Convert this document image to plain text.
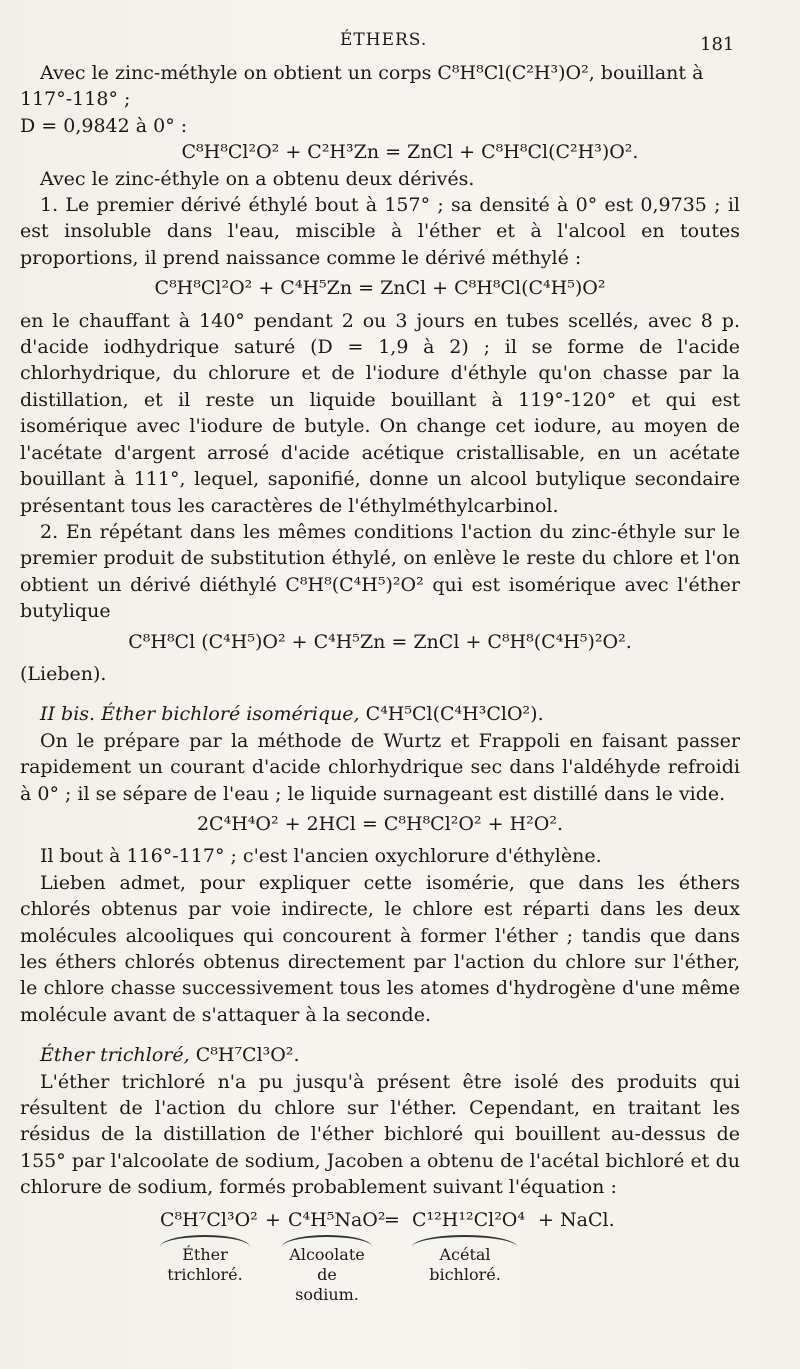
ÉTHERS.	181

Avec le zinc-méthyle on obtient un corps C⁸H⁸Cl(C²H³)O², bouillant à 117°-118° ;

D = 0,9842 à 0° :

C⁸H⁸Cl²O² + C²H³Zn = ZnCl + C⁸H⁸Cl(C²H³)O².

Avec le zinc-éthyle on a obtenu deux dérivés.

1. Le premier dérivé éthylé bout à 157° ; sa densité à 0° est 0,9735 ; il est insoluble dans l'eau, miscible à l'éther et à l'alcool en toutes proportions, il prend naissance comme le dérivé méthylé :

C⁸H⁸Cl²O² + C⁴H⁵Zn = ZnCl + C⁸H⁸Cl(C⁴H⁵)O²

en le chauffant à 140° pendant 2 ou 3 jours en tubes scellés, avec 8 p. d'acide iodhydrique saturé (D = 1,9 à 2) ; il se forme de l'acide chlorhydrique, du chlorure et de l'iodure d'éthyle qu'on chasse par la distillation, et il reste un liquide bouillant à 119°-120° et qui est isomérique avec l'iodure de butyle. On change cet iodure, au moyen de l'acétate d'argent arrosé d'acide acétique cristallisable, en un acétate bouillant à 111°, lequel, saponifié, donne un alcool butylique secondaire présentant tous les caractères de l'éthylméthylcarbinol.

2. En répétant dans les mêmes conditions l'action du zinc-éthyle sur le premier produit de substitution éthylé, on enlève le reste du chlore et l'on obtient un dérivé diéthylé C⁸H⁸(C⁴H⁵)²O² qui est isomérique avec l'éther butylique

C⁸H⁸Cl (C⁴H⁵)O² + C⁴H⁵Zn = ZnCl + C⁸H⁸(C⁴H⁵)²O².

(Lieben).

II bis. Éther bichloré isomérique, C⁴H⁵Cl(C⁴H³ClO²).

On le prépare par la méthode de Wurtz et Frappoli en faisant passer rapidement un courant d'acide chlorhydrique sec dans l'aldéhyde refroidi à 0° ; il se sépare de l'eau ; le liquide surnageant est distillé dans le vide.

2C⁴H⁴O² + 2HCl = C⁸H⁸Cl²O² + H²O².

Il bout à 116°-117° ; c'est l'ancien oxychlorure d'éthylène.

Lieben admet, pour expliquer cette isomérie, que dans les éthers chlorés obtenus par voie indirecte, le chlore est réparti dans les deux molécules alcooliques qui concourent à former l'éther ; tandis que dans les éthers chlorés obtenus directement par l'action du chlore sur l'éther, le chlore chasse successivement tous les atomes d'hydrogène d'une même molécule avant de s'attaquer à la seconde.

Éther trichloré, C⁸H⁷Cl³O².

L'éther trichloré n'a pu jusqu'à présent être isolé des produits qui résultent de l'action du chlore sur l'éther. Cependant, en traitant les résidus de la distillation de l'éther bichloré qui bouillent au-dessus de 155° par l'alcoolate de sodium, Jacoben a obtenu de l'acétal bichloré et du chlorure de sodium, formés probablement suivant l'équation :

C⁸H⁷Cl³O² + C⁴H⁵NaO²
= C¹²H¹²Cl²O⁴ + NaCl.
Éther
trichloré.
Alcoolate
de
sodium.
Acétal
bichloré.
